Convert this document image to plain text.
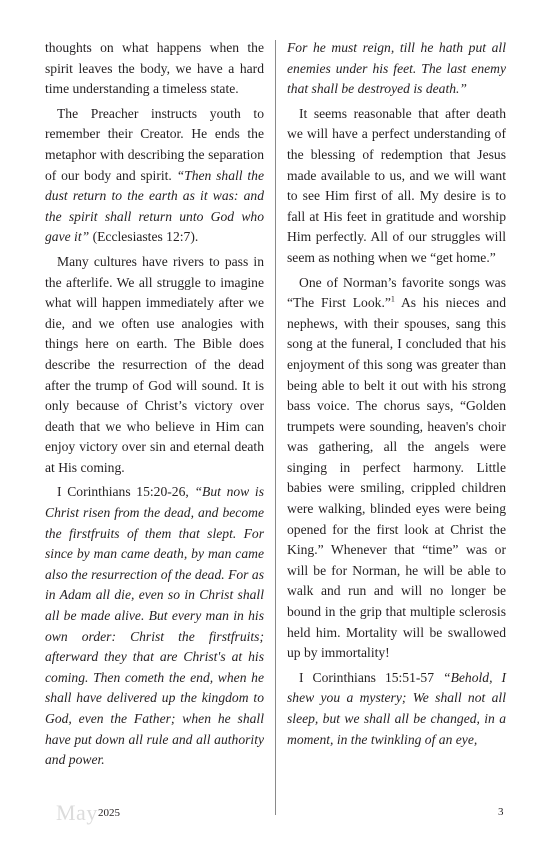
thoughts on what happens when the spirit leaves the body, we have a hard time understanding a timeless state.

The Preacher instructs youth to remember their Creator. He ends the metaphor with describing the separation of our body and spirit. “Then shall the dust return to the earth as it was: and the spirit shall return unto God who gave it” (Ecclesiastes 12:7).

Many cultures have rivers to pass in the afterlife. We all struggle to imagine what will happen immediately after we die, and we often use analogies with things here on earth. The Bible does describe the resurrection of the dead after the trump of God will sound. It is only because of Christ’s victory over death that we who believe in Him can enjoy victory over sin and eternal death at His coming.

I Corinthians 15:20-26, “But now is Christ risen from the dead, and become the firstfruits of them that slept. For since by man came death, by man came also the resurrection of the dead. For as in Adam all die, even so in Christ shall all be made alive. But every man in his own order: Christ the firstfruits; afterward they that are Christ's at his coming. Then cometh the end, when he shall have delivered up the kingdom to God, even the Father; when he shall have put down all rule and all authority and power.

For he must reign, till he hath put all enemies under his feet. The last enemy that shall be destroyed is death.”

It seems reasonable that after death we will have a perfect understanding of the blessing of redemption that Jesus made available to us, and we will want to see Him first of all. My desire is to fall at His feet in gratitude and worship Him perfectly. All of our struggles will seem as nothing when we “get home.”

One of Norman’s favorite songs was “The First Look.”$^1$ As his nieces and nephews, with their spouses, sang this song at the funeral, I concluded that his enjoyment of this song was greater than being able to belt it out with his strong bass voice. The chorus says, “Golden trumpets were sounding, heaven's choir was gathering, all the angels were singing in perfect harmony. Little babies were smiling, crippled children were walking, blinded eyes were being opened for the first look at Christ the King.” Whenever that “time” was or will be for Norman, he will be able to walk and run and will no longer be bound in the grip that multiple sclerosis held him. Mortality will be swallowed up by immortality!

I Corinthians 15:51-57 “Behold, I shew you a mystery; We shall not all sleep, but we shall all be changed, in a moment, in the twinkling of an eye,

May 2025	3
